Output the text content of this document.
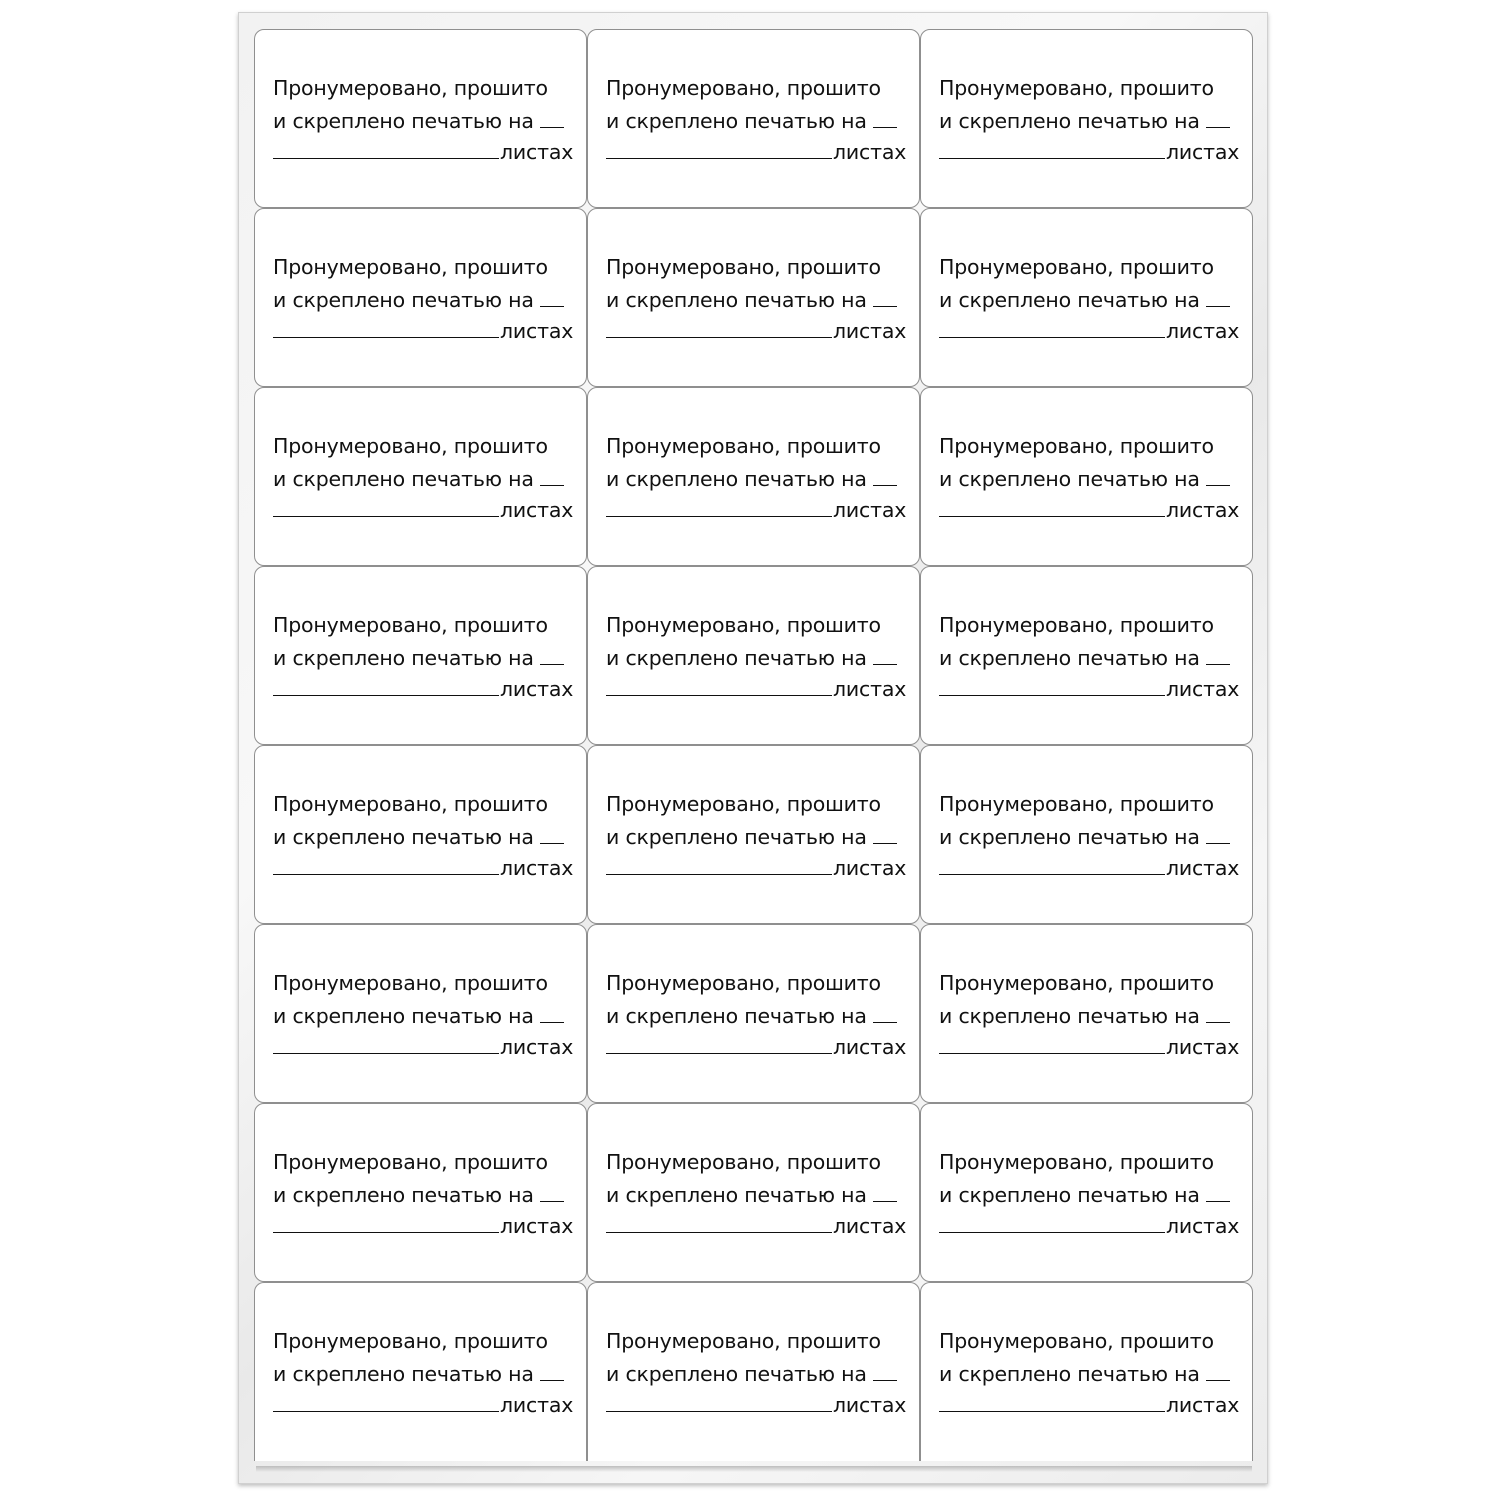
Пронумеровано, прошито
и скреплено печатью на
листах
Пронумеровано, прошито
и скреплено печатью на
листах
Пронумеровано, прошито
и скреплено печатью на
листах
Пронумеровано, прошито
и скреплено печатью на
листах
Пронумеровано, прошито
и скреплено печатью на
листах
Пронумеровано, прошито
и скреплено печатью на
листах
Пронумеровано, прошито
и скреплено печатью на
листах
Пронумеровано, прошито
и скреплено печатью на
листах
Пронумеровано, прошито
и скреплено печатью на
листах
Пронумеровано, прошито
и скреплено печатью на
листах
Пронумеровано, прошито
и скреплено печатью на
листах
Пронумеровано, прошито
и скреплено печатью на
листах
Пронумеровано, прошито
и скреплено печатью на
листах
Пронумеровано, прошито
и скреплено печатью на
листах
Пронумеровано, прошито
и скреплено печатью на
листах
Пронумеровано, прошито
и скреплено печатью на
листах
Пронумеровано, прошито
и скреплено печатью на
листах
Пронумеровано, прошито
и скреплено печатью на
листах
Пронумеровано, прошито
и скреплено печатью на
листах
Пронумеровано, прошито
и скреплено печатью на
листах
Пронумеровано, прошито
и скреплено печатью на
листах
Пронумеровано, прошито
и скреплено печатью на
листах
Пронумеровано, прошито
и скреплено печатью на
листах
Пронумеровано, прошито
и скреплено печатью на
листах
